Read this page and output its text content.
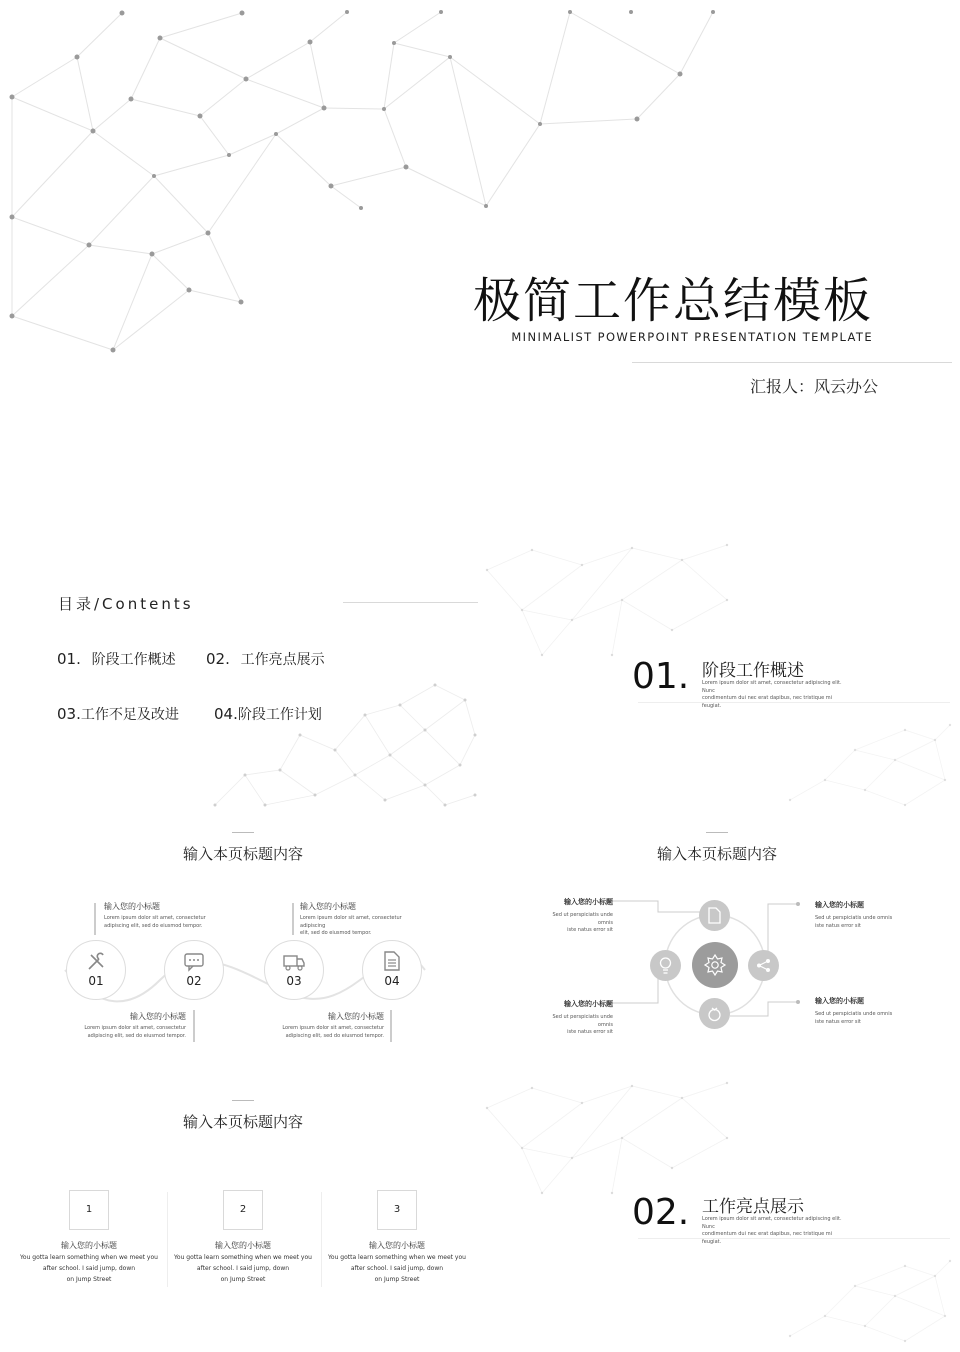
极简工作总结模板
MINIMALIST POWERPOINT PRESENTATION TEMPLATE
汇报人：风云办公
目录/Contents
01. 阶段工作概述 02. 工作亮点展示
03.工作不足及改进 04.阶段工作计划
01. 阶段工作概述
Lorem ipsum dolor sit amet, consectetur adipiscing elit. Nunc
condimentum dui nec erat dapibus, nec tristique mi feugiat.
输入本页标题内容
01	02	03	04
输入您的小标题
Lorem ipsum dolor sit amet, consectetur
adipiscing elit, sed do eiusmod tempor.
输入您的小标题
Lorem ipsum dolor sit amet, consectetur adipiscing
elit, sed do eiusmod tempor.
输入您的小标题
Lorem ipsum dolor sit amet, consectetur
adipiscing elit, sed do eiusmod tempor.
输入您的小标题
Lorem ipsum dolor sit amet, consectetur
adipiscing elit, sed do eiusmod tempor.
输入本页标题内容
输入您的小标题
Sed ut perspiciatis unde omnis
iste natus error sit
输入您的小标题
Sed ut perspiciatis unde omnis
iste natus error sit
输入您的小标题
Sed ut perspiciatis unde omnis
iste natus error sit
输入您的小标题
Sed ut perspiciatis unde omnis
iste natus error sit
输入本页标题内容
1
输入您的小标题
You gotta learn something when we meet you
after school. I said jump, down
on Jump Street
2
输入您的小标题
You gotta learn something when we meet you
after school. I said jump, down
on Jump Street
3
输入您的小标题
You gotta learn something when we meet you
after school. I said jump, down
on Jump Street
02. 工作亮点展示
Lorem ipsum dolor sit amet, consectetur adipiscing elit. Nunc
condimentum dui nec erat dapibus, nec tristique mi feugiat.
